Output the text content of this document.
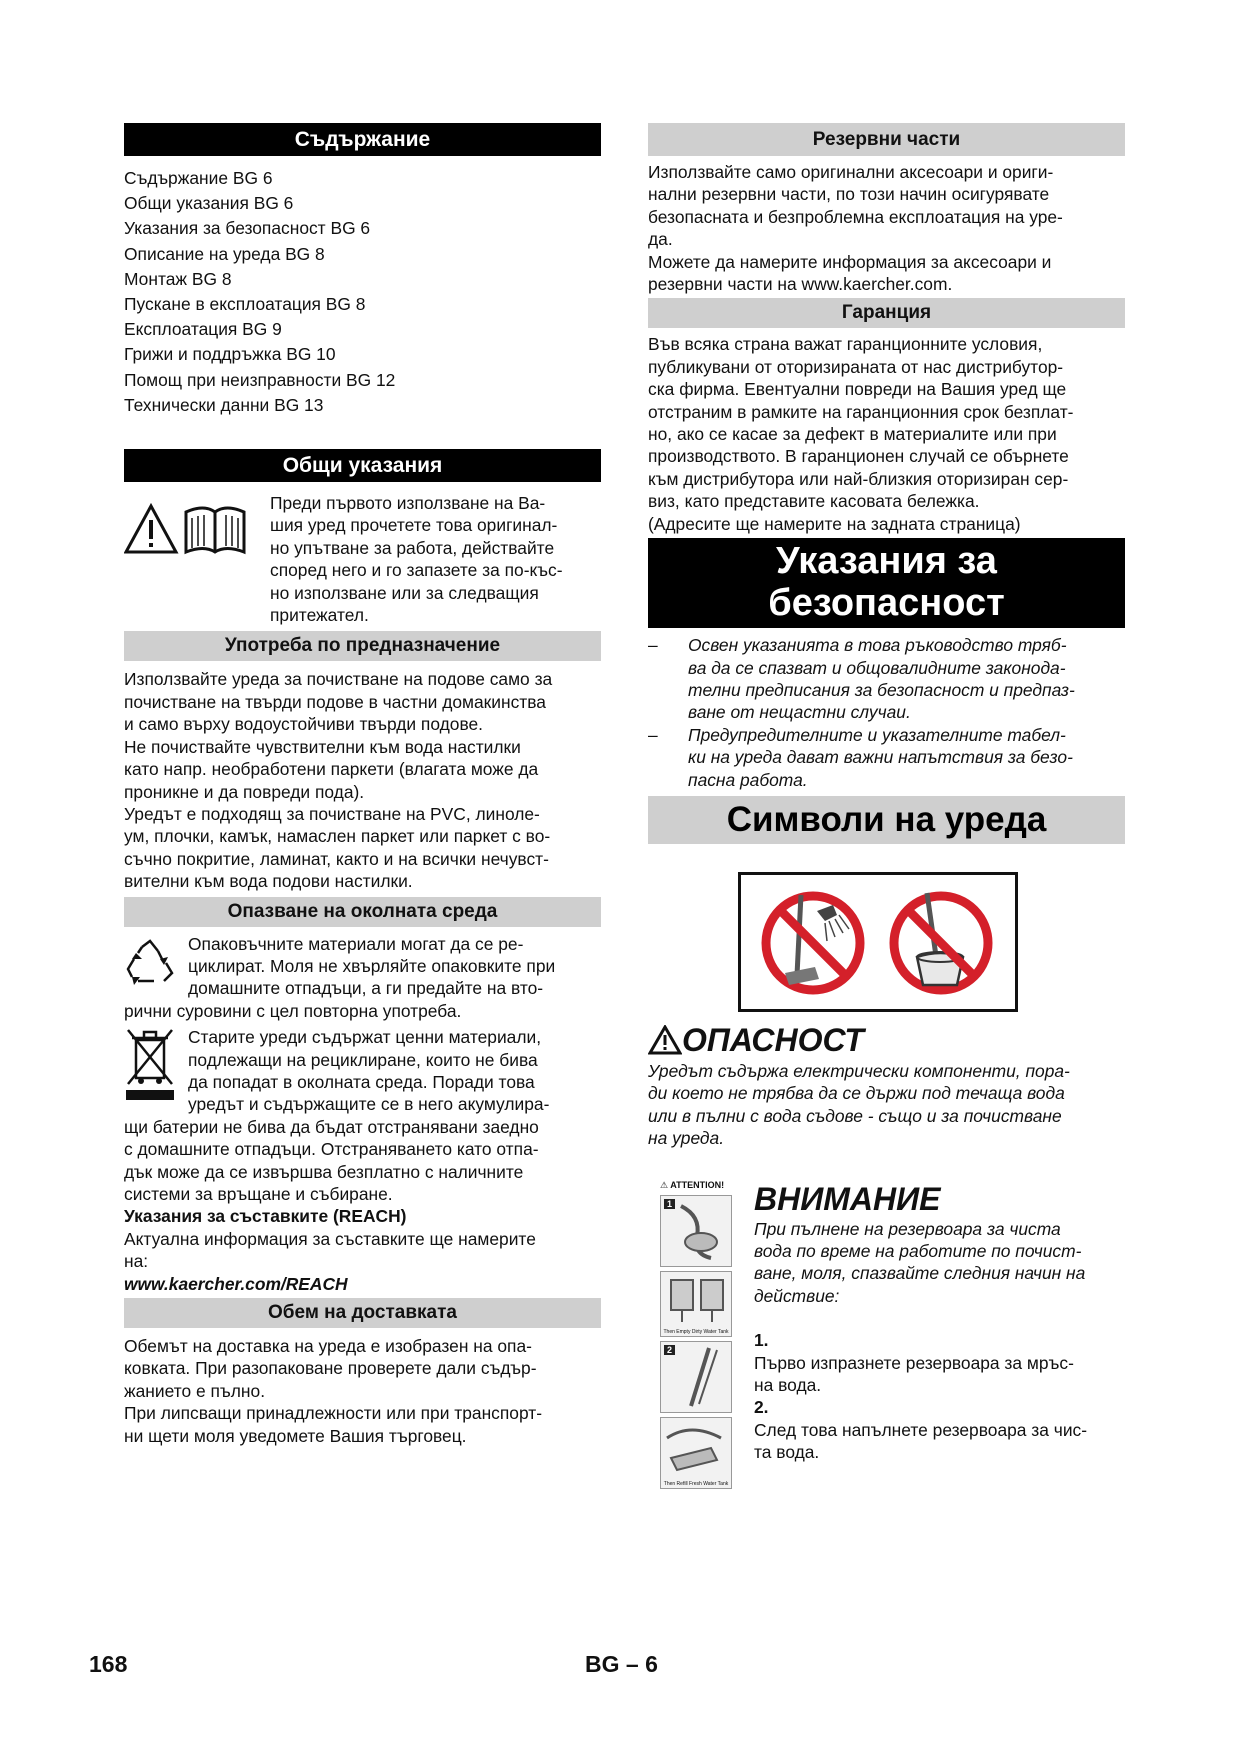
Съдържание
Съдържание BG 6
Общи указания BG 6
Указания за безопасност BG 6
Описание на уреда BG 8
Монтаж BG 8
Пускане в експлоатация BG 8
Експлоатация BG 9
Грижи и поддръжка BG 10
Помощ при неизправности BG 12
Технически данни BG 13
Общи указания
Преди първото използване на Ва-
шия уред прочетете това оригинал-
но упътване за работа, действайте
според него и го запазете за по-къс-
но използване или за следващия
притежател.
Употреба по предназначение
Използвайте уреда за почистване на подове само за
почистване на твърди подове в частни домакинства
и само върху водоустойчиви твърди подове.
Не почиствайте чувствителни към вода настилки
като напр. необработени паркети (влагата може да
проникне и да повреди пода).
Уредът е подходящ за почистване на PVC, линоле-
ум, плочки, камък, намаслен паркет или паркет с во-
съчно покритие, ламинат, както и на всички нечувст-
вителни към вода подови настилки.
Опазване на околната среда
Опаковъчните материали могат да се ре-
циклират. Моля не хвърляйте опаковките при
домашните отпадъци, а ги предайте на вто-
рични суровини с цел повторна употреба.
Старите уреди съдържат ценни материали,
подлежащи на рециклиране, които не бива
да попадат в околната среда. Поради това
уредът и съдържащите се в него акумулира-
щи батерии не бива да бъдат отстранявани заедно
с домашните отпадъци. Отстраняването като отпа-
дък може да се извършва безплатно с наличните
системи за връщане и събиране.
Указания за съставките (REACH)
Актуална информация за съставките ще намерите
на:
www.kaercher.com/REACH
Обем на доставката
Обемът на доставка на уреда е изобразен на опа-
ковката. При разопаковане проверете дали съдър-
жанието е пълно.
При липсващи принадлежности или при транспорт-
ни щети моля уведомете Вашия търговец.
Резервни части
Използвайте само оригинални аксесоари и ориги-
нални резервни части, по този начин осигурявате
безопасната и безпроблемна експлоатация на уре-
да.
Можете да намерите информация за аксесоари и
резервни части на www.kaercher.com.
Гаранция
Във всяка страна важат гаранционните условия,
публикувани от оторизираната от нас дистрибутор-
ска фирма. Евентуални повреди на Вашия уред ще
отстраним в рамките на гаранционния срок безплат-
но, ако се касае за дефект в материалите или при
производството. В гаранционен случай се обърнете
към дистрибутора или най-близкия оторизиран сер-
виз, като представите касовата бележка.
(Адресите ще намерите на задната страница)
Указания за
безопасност
–	Освен указанията в това ръководство тряб-
ва да се спазват и общовалидните законода-
телни предписания за безопасност и предпаз-
ване от нещастни случаи.
–	Предупредителните и указателните табел-
ки на уреда дават важни напътствия за безо-
пасна работа.
Символи на уреда
ОПАСНОСТ
Уредът съдържа електрически компоненти, пора-
ди което не трябва да се държи под течаща вода
или в пълни с вода съдове - също и за почистване
на уреда.
⚠ ATTENTION!
1
Then Empty Dirty Water Tank
2
Then Refill Fresh Water Tank
ВНИМАНИЕ
При пълнене на резервоара за чиста
вода по време на работите по почист-
ване, моля, спазвайте следния начин на
действие:
1.
Първо изпразнете резервоара за мръс-
на вода.
2.
След това напълнете резервоара за чис-
та вода.
168	BG – 6
